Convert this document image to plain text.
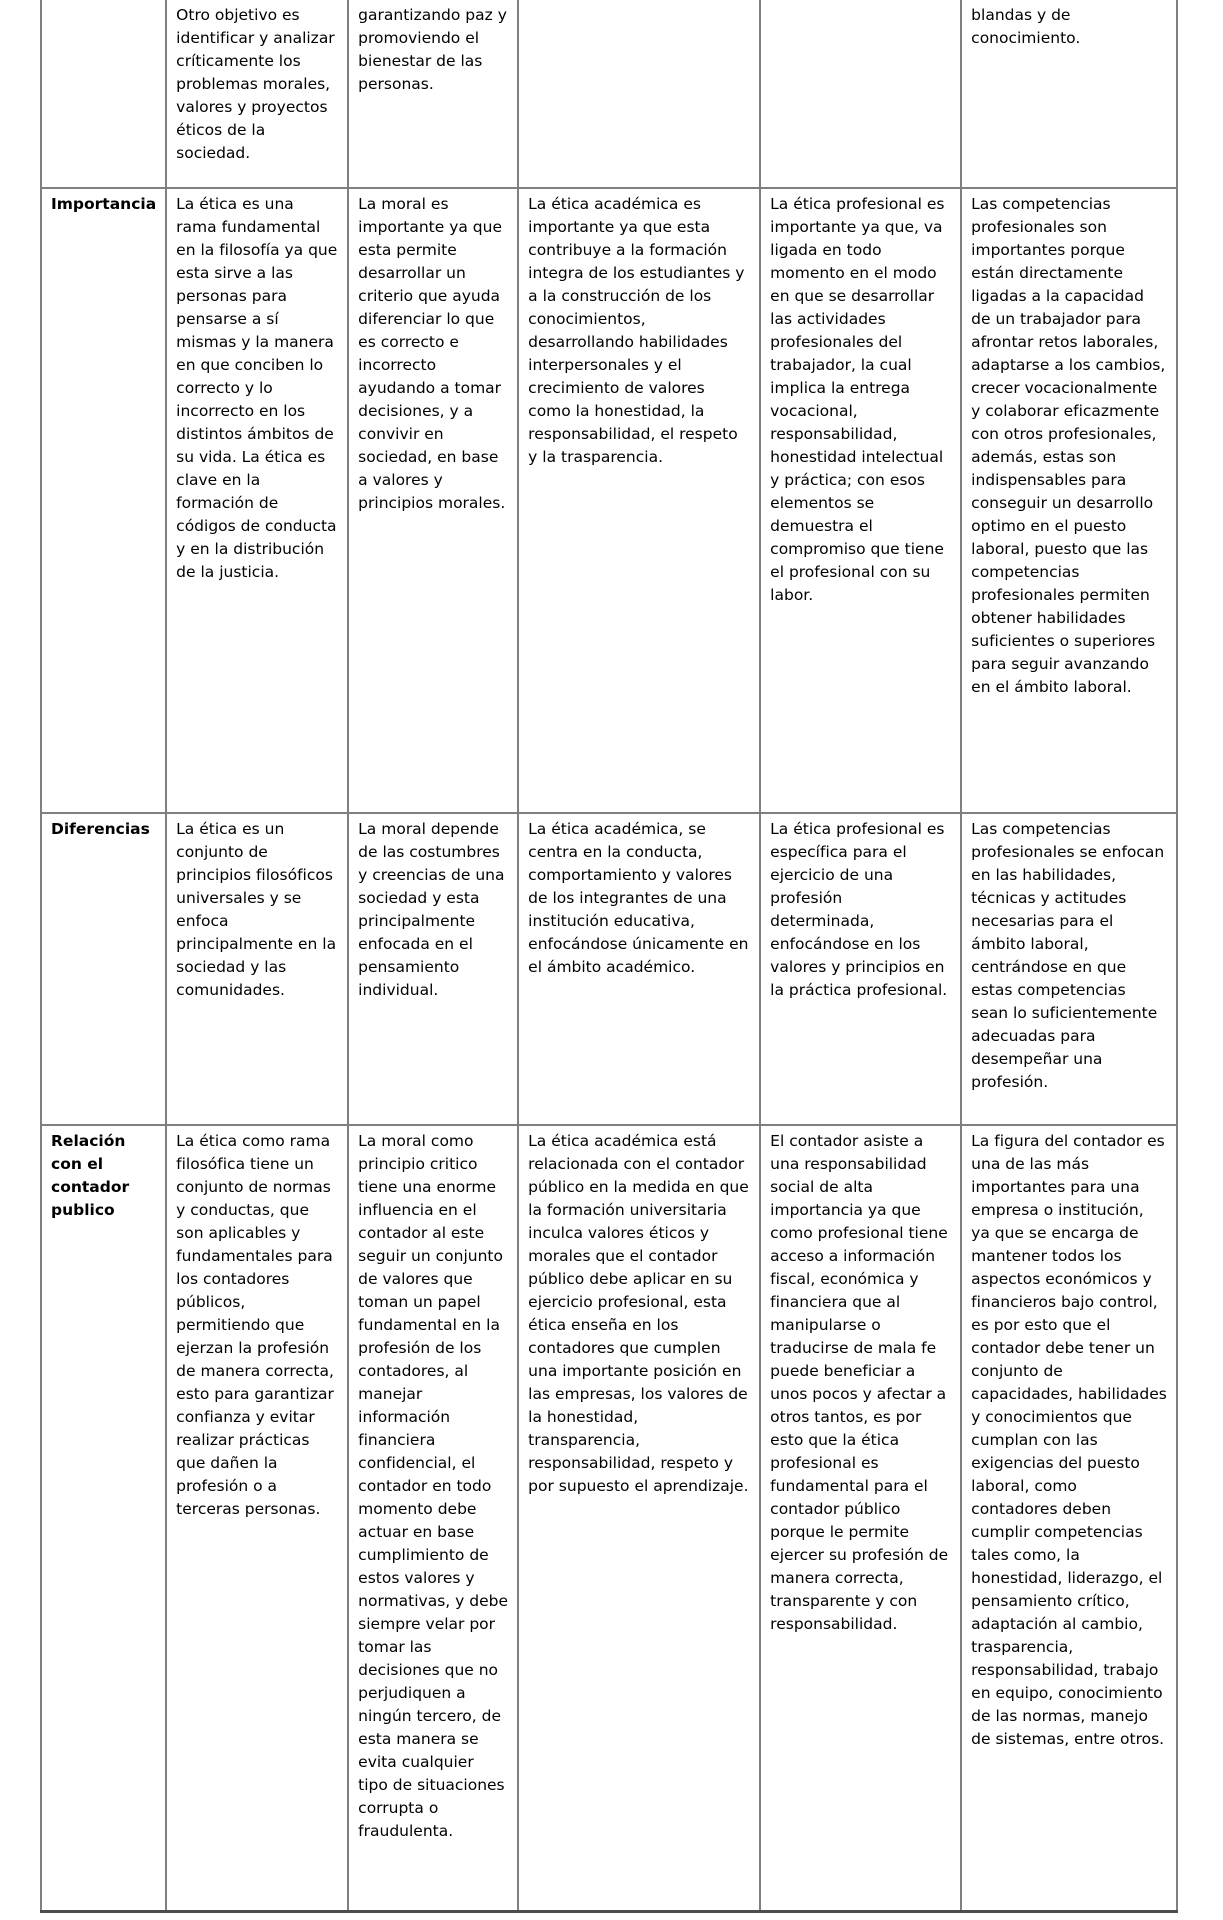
	Otro objetivo es identificar y analizar críticamente los problemas morales, valores y proyectos éticos de la sociedad.	garantizando paz y promoviendo el bienestar de las personas.			blandas y de conocimiento.
Importancia	La ética es una rama fundamental en la filosofía ya que esta sirve a las personas para pensarse a sí mismas y la manera en que conciben lo correcto y lo incorrecto en los distintos ámbitos de su vida. La ética es clave en la formación de códigos de conducta y en la distribución de la justicia.	La moral es importante ya que esta permite desarrollar un criterio que ayuda diferenciar lo que es correcto e incorrecto ayudando a tomar decisiones, y a convivir en sociedad, en base a valores y principios morales.	La ética académica es importante ya que esta contribuye a la formación integra de los estudiantes y a la construcción de los conocimientos, desarrollando habilidades interpersonales y el crecimiento de valores como la honestidad, la responsabilidad, el respeto y la trasparencia.	La ética profesional es importante ya que, va ligada en todo momento en el modo en que se desarrollar las actividades profesionales del trabajador, la cual implica la entrega vocacional, responsabilidad, honestidad intelectual y práctica; con esos elementos se demuestra el compromiso que tiene el profesional con su labor.	Las competencias profesionales son importantes porque están directamente ligadas a la capacidad de un trabajador para afrontar retos laborales, adaptarse a los cambios, crecer vocacionalmente y colaborar eficazmente con otros profesionales, además, estas son indispensables para conseguir un desarrollo optimo en el puesto laboral, puesto que las competencias profesionales permiten obtener habilidades suficientes o superiores para seguir avanzando en el ámbito laboral.
Diferencias	La ética es un conjunto de principios filosóficos universales y se enfoca principalmente en la sociedad y las comunidades.	La moral depende de las costumbres y creencias de una sociedad y esta principalmente enfocada en el pensamiento individual.	La ética académica, se centra en la conducta, comportamiento y valores de los integrantes de una institución educativa, enfocándose únicamente en el ámbito académico.	La ética profesional es específica para el ejercicio de una profesión determinada, enfocándose en los valores y principios en la práctica profesional.	Las competencias profesionales se enfocan en las habilidades, técnicas y actitudes necesarias para el ámbito laboral, centrándose en que estas competencias sean lo suficientemente adecuadas para desempeñar una profesión.
Relación con el contador publico	La ética como rama filosófica tiene un conjunto de normas y conductas, que son aplicables y fundamentales para los contadores públicos, permitiendo que ejerzan la profesión de manera correcta, esto para garantizar confianza y evitar realizar prácticas que dañen la profesión o a terceras personas.	La moral como principio critico tiene una enorme influencia en el contador al este seguir un conjunto de valores que toman un papel fundamental en la profesión de los contadores, al manejar información financiera confidencial, el contador en todo momento debe actuar en base cumplimiento de estos valores y normativas, y debe siempre velar por tomar las decisiones que no perjudiquen a ningún tercero, de esta manera se evita cualquier tipo de situaciones corrupta o fraudulenta.	La ética académica está relacionada con el contador público en la medida en que la formación universitaria inculca valores éticos y morales que el contador público debe aplicar en su ejercicio profesional, esta ética enseña en los contadores que cumplen una importante posición en las empresas, los valores de la honestidad, transparencia, responsabilidad, respeto y por supuesto el aprendizaje.	El contador asiste a una responsabilidad social de alta importancia ya que como profesional tiene acceso a información fiscal, económica y financiera que al manipularse o traducirse de mala fe puede beneficiar a unos pocos y afectar a otros tantos, es por esto que la ética profesional es fundamental para el contador público porque le permite ejercer su profesión de manera correcta, transparente y con responsabilidad.	La figura del contador es una de las más importantes para una empresa o institución, ya que se encarga de mantener todos los aspectos económicos y financieros bajo control, es por esto que el contador debe tener un conjunto de capacidades, habilidades y conocimientos que cumplan con las exigencias del puesto laboral, como contadores deben cumplir competencias tales como, la honestidad, liderazgo, el pensamiento crítico, adaptación al cambio, trasparencia, responsabilidad, trabajo en equipo, conocimiento de las normas, manejo de sistemas, entre otros.
